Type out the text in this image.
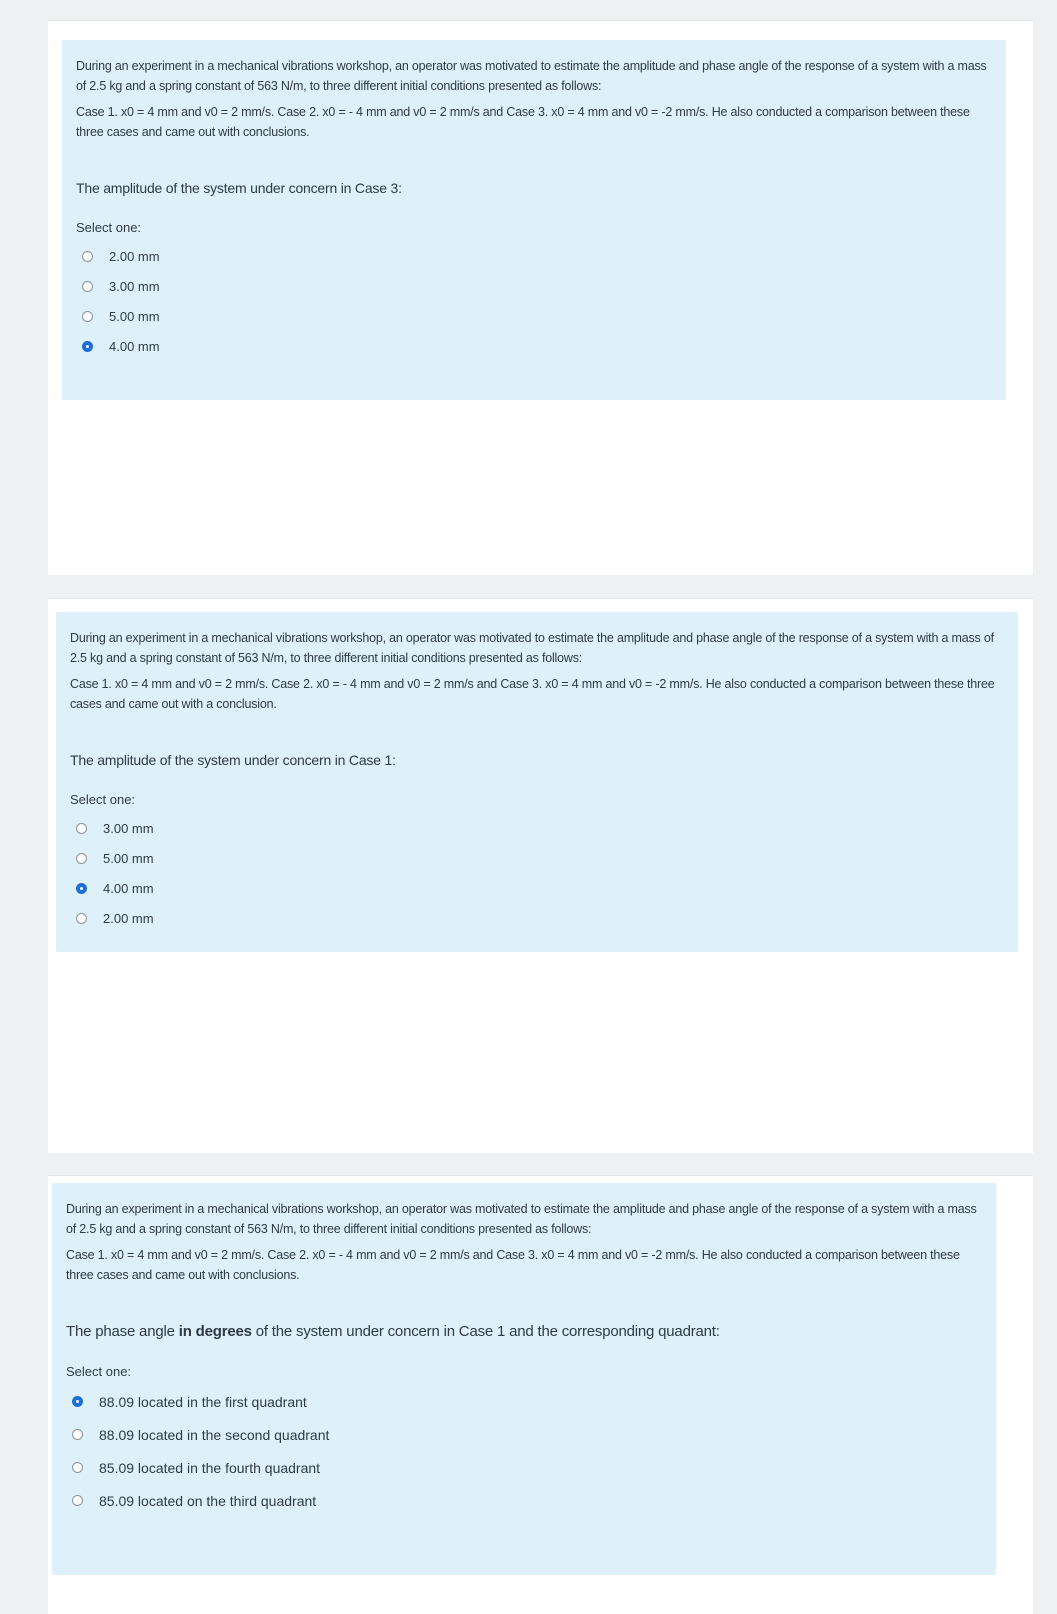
During an experiment in a mechanical vibrations workshop, an operator was motivated to estimate the amplitude and phase angle of the response of a system with a mass of 2.5 kg and a spring constant of 563 N/m, to three different initial conditions presented as follows:

Case 1. x0 = 4 mm and v0 = 2 mm/s. Case 2. x0 = - 4 mm and v0 = 2 mm/s and Case 3. x0 = 4 mm and v0 = -2 mm/s. He also conducted a comparison between these three cases and came out with conclusions.

The amplitude of the system under concern in Case 3:
Select one:
2.00 mm
3.00 mm
5.00 mm
4.00 mm

During an experiment in a mechanical vibrations workshop, an operator was motivated to estimate the amplitude and phase angle of the response of a system with a mass of 2.5 kg and a spring constant of 563 N/m, to three different initial conditions presented as follows:

Case 1. x0 = 4 mm and v0 = 2 mm/s. Case 2. x0 = - 4 mm and v0 = 2 mm/s and Case 3. x0 = 4 mm and v0 = -2 mm/s. He also conducted a comparison between these three cases and came out with a conclusion.

The amplitude of the system under concern in Case 1:
Select one:
3.00 mm
5.00 mm
4.00 mm
2.00 mm

During an experiment in a mechanical vibrations workshop, an operator was motivated to estimate the amplitude and phase angle of the response of a system with a mass of 2.5 kg and a spring constant of 563 N/m, to three different initial conditions presented as follows:

Case 1. x0 = 4 mm and v0 = 2 mm/s. Case 2. x0 = - 4 mm and v0 = 2 mm/s and Case 3. x0 = 4 mm and v0 = -2 mm/s. He also conducted a comparison between these three cases and came out with conclusions.

The phase angle in degrees of the system under concern in Case 1 and the corresponding quadrant:
Select one:
88.09 located in the first quadrant
88.09 located in the second quadrant
85.09 located in the fourth quadrant
85.09 located on the third quadrant
